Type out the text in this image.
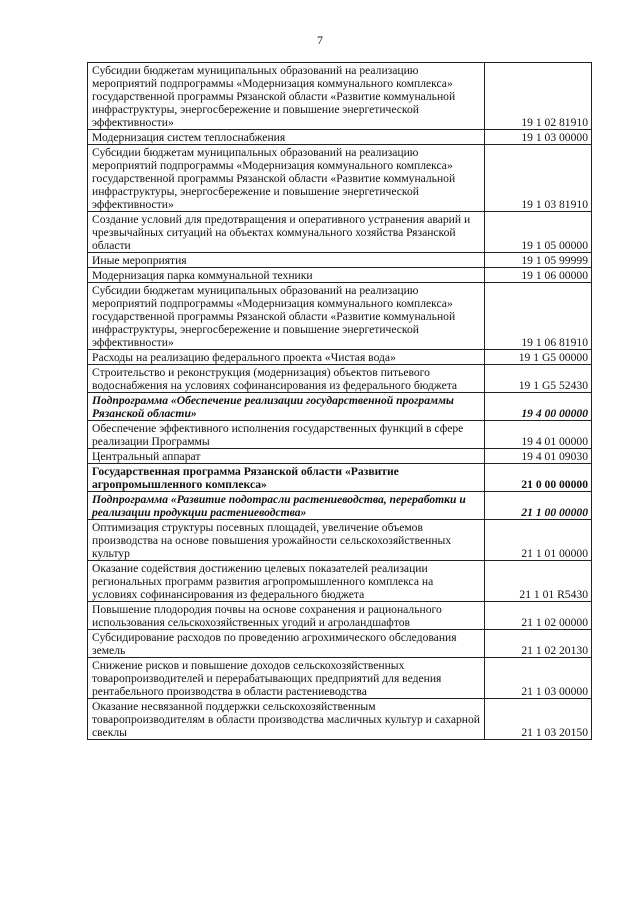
7
Субсидии бюджетам муниципальных образований на реализацию мероприятий подпрограммы «Модернизация коммунального комплекса» государственной программы Рязанской области «Развитие коммунальной инфраструктуры, энергосбережение и повышение энергетической эффективности»	19 1 02 81910
Модернизация систем теплоснабжения	19 1 03 00000
Субсидии бюджетам муниципальных образований на реализацию мероприятий подпрограммы «Модернизация коммунального комплекса» государственной программы Рязанской области «Развитие коммунальной инфраструктуры, энергосбережение и повышение энергетической эффективности»	19 1 03 81910
Создание условий для предотвращения и оперативного устранения аварий и чрезвычайных ситуаций на объектах коммунального хозяйства Рязанской области	19 1 05 00000
Иные мероприятия	19 1 05 99999
Модернизация парка коммунальной техники	19 1 06 00000
Субсидии бюджетам муниципальных образований на реализацию мероприятий подпрограммы «Модернизация коммунального комплекса» государственной программы Рязанской области «Развитие коммунальной инфраструктуры, энергосбережение и повышение энергетической эффективности»	19 1 06 81910
Расходы на реализацию федерального проекта «Чистая вода»	19 1 G5 00000
Строительство и реконструкция (модернизация) объектов питьевого водоснабжения на условиях софинансирования из федерального бюджета	19 1 G5 52430
Подпрограмма «Обеспечение реализации государственной программы Рязанской области»	19 4 00 00000
Обеспечение эффективного исполнения государственных функций в сфере реализации Программы	19 4 01 00000
Центральный аппарат	19 4 01 09030
Государственная программа Рязанской области «Развитие агропромышленного комплекса»	21 0 00 00000
Подпрограмма «Развитие подотрасли растениеводства, переработки и реализации продукции растениеводства»	21 1 00 00000
Оптимизация структуры посевных площадей, увеличение объемов производства на основе повышения урожайности сельскохозяйственных культур	21 1 01 00000
Оказание содействия достижению целевых показателей реализации региональных программ развития агропромышленного комплекса на условиях софинансирования из федерального бюджета	21 1 01 R5430
Повышение плодородия почвы на основе сохранения и рационального использования сельскохозяйственных угодий и агроландшафтов	21 1 02 00000
Субсидирование расходов по проведению агрохимического обследования земель	21 1 02 20130
Снижение рисков и повышение доходов сельскохозяйственных товаропроизводителей и перерабатывающих предприятий для ведения рентабельного производства в области растениеводства	21 1 03 00000
Оказание несвязанной поддержки сельскохозяйственным товаропроизводителям в области производства масличных культур и сахарной свеклы	21 1 03 20150
